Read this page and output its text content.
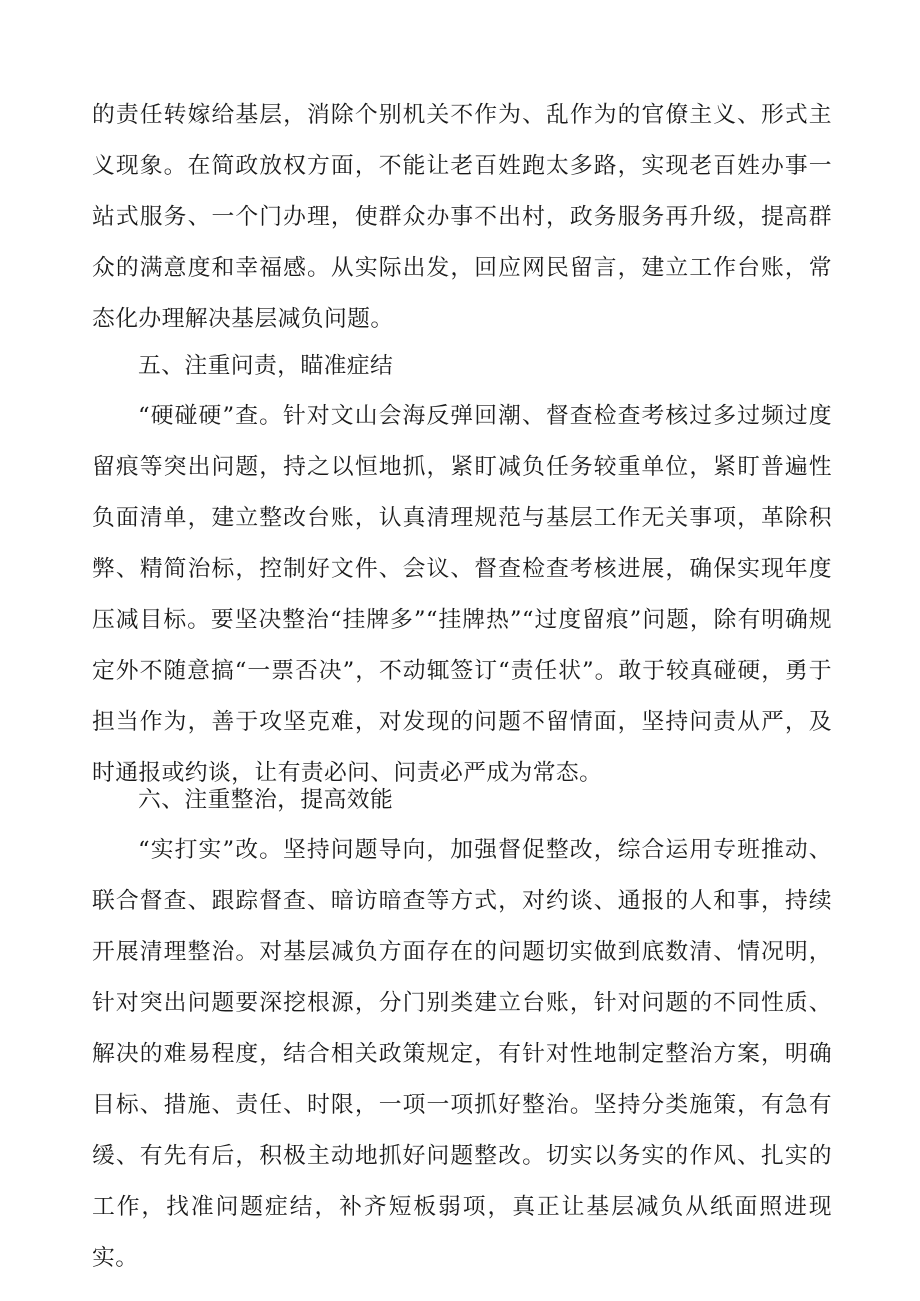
的责任转嫁给基层，消除个别机关不作为、乱作为的官僚主义、形式主义现象。在简政放权方面，不能让老百姓跑太多路，实现老百姓办事一站式服务、一个门办理，使群众办事不出村，政务服务再升级，提高群众的满意度和幸福感。从实际出发，回应网民留言，建立工作台账，常态化办理解决基层减负问题。

五、注重问责，瞄准症结

“硬碰硬”查。针对文山会海反弹回潮、督查检查考核过多过频过度留痕等突出问题，持之以恒地抓，紧盯减负任务较重单位，紧盯普遍性负面清单，建立整改台账，认真清理规范与基层工作无关事项，革除积弊、精简治标，控制好文件、会议、督查检查考核进展，确保实现年度压减目标。要坚决整治“挂牌多”“挂牌热”“过度留痕”问题，除有明确规定外不随意搞“一票否决”，不动辄签订“责任状”。敢于较真碰硬，勇于担当作为，善于攻坚克难，对发现的问题不留情面，坚持问责从严，及时通报或约谈，让有责必问、问责必严成为常态。

六、注重整治，提高效能

“实打实”改。坚持问题导向，加强督促整改，综合运用专班推动、联合督查、跟踪督查、暗访暗查等方式，对约谈、通报的人和事，持续开展清理整治。对基层减负方面存在的问题切实做到底数清、情况明，针对突出问题要深挖根源，分门别类建立台账，针对问题的不同性质、解决的难易程度，结合相关政策规定，有针对性地制定整治方案，明确目标、措施、责任、时限，一项一项抓好整治。坚持分类施策，有急有缓、有先有后，积极主动地抓好问题整改。切实以务实的作风、扎实的工作，找准问题症结，补齐短板弱项，真正让基层减负从纸面照进现实。
